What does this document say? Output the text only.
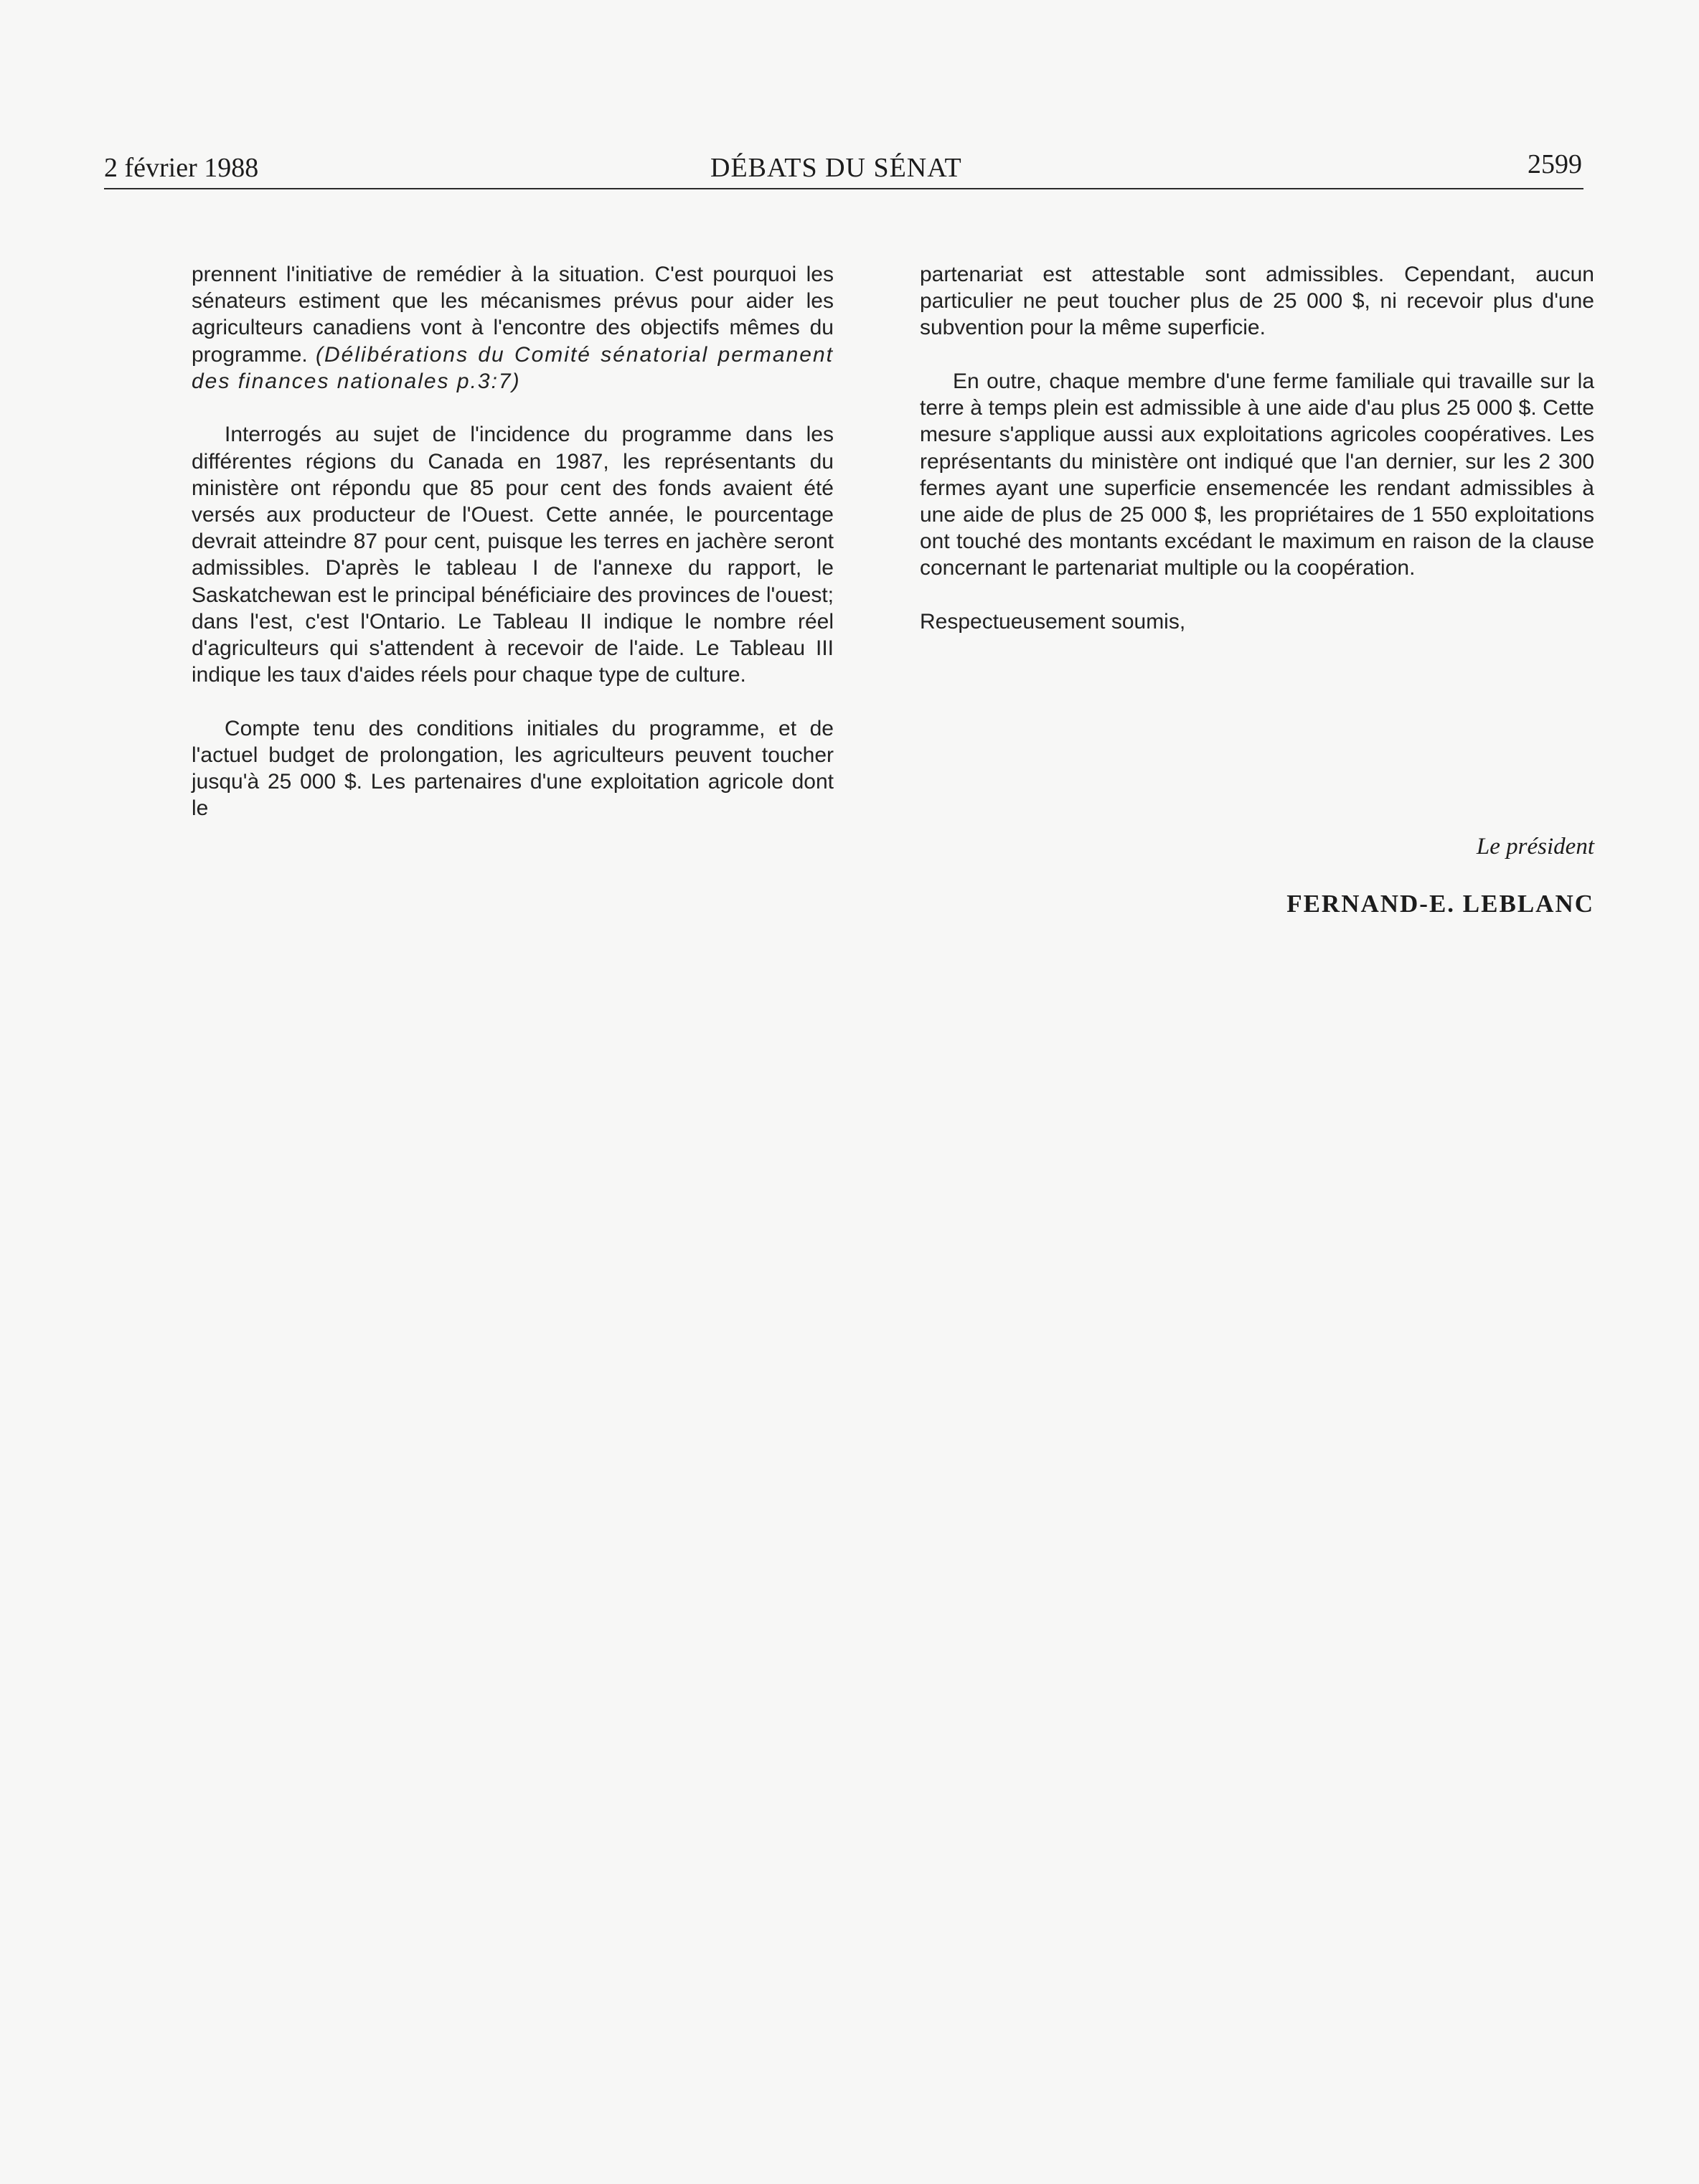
2 février 1988	DÉBATS DU SÉNAT	2599

prennent l'initiative de remédier à la situation. C'est pourquoi les sénateurs estiment que les mécanismes prévus pour aider les agriculteurs canadiens vont à l'encontre des objectifs mêmes du programme. (Délibérations du Comité sénatorial permanent des finances nationales p.3:7)

Interrogés au sujet de l'incidence du programme dans les différentes régions du Canada en 1987, les représentants du ministère ont répondu que 85 pour cent des fonds avaient été versés aux producteur de l'Ouest. Cette année, le pourcentage devrait atteindre 87 pour cent, puisque les terres en jachère seront admissibles. D'après le tableau I de l'annexe du rapport, le Saskatchewan est le principal bénéficiaire des provinces de l'ouest; dans l'est, c'est l'Ontario. Le Tableau II indique le nombre réel d'agriculteurs qui s'attendent à recevoir de l'aide. Le Tableau III indique les taux d'aides réels pour chaque type de culture.

Compte tenu des conditions initiales du programme, et de l'actuel budget de prolongation, les agriculteurs peuvent toucher jusqu'à 25 000 $. Les partenaires d'une exploitation agricole dont le

partenariat est attestable sont admissibles. Cependant, aucun particulier ne peut toucher plus de 25 000 $, ni recevoir plus d'une subvention pour la même superficie.

En outre, chaque membre d'une ferme familiale qui travaille sur la terre à temps plein est admissible à une aide d'au plus 25 000 $. Cette mesure s'applique aussi aux exploitations agricoles coopératives. Les représentants du ministère ont indiqué que l'an dernier, sur les 2 300 fermes ayant une superficie ensemencée les rendant admissibles à une aide de plus de 25 000 $, les propriétaires de 1 550 exploitations ont touché des montants excédant le maximum en raison de la clause concernant le partenariat multiple ou la coopération.

Respectueusement soumis,

Le président
FERNAND-E. LEBLANC
